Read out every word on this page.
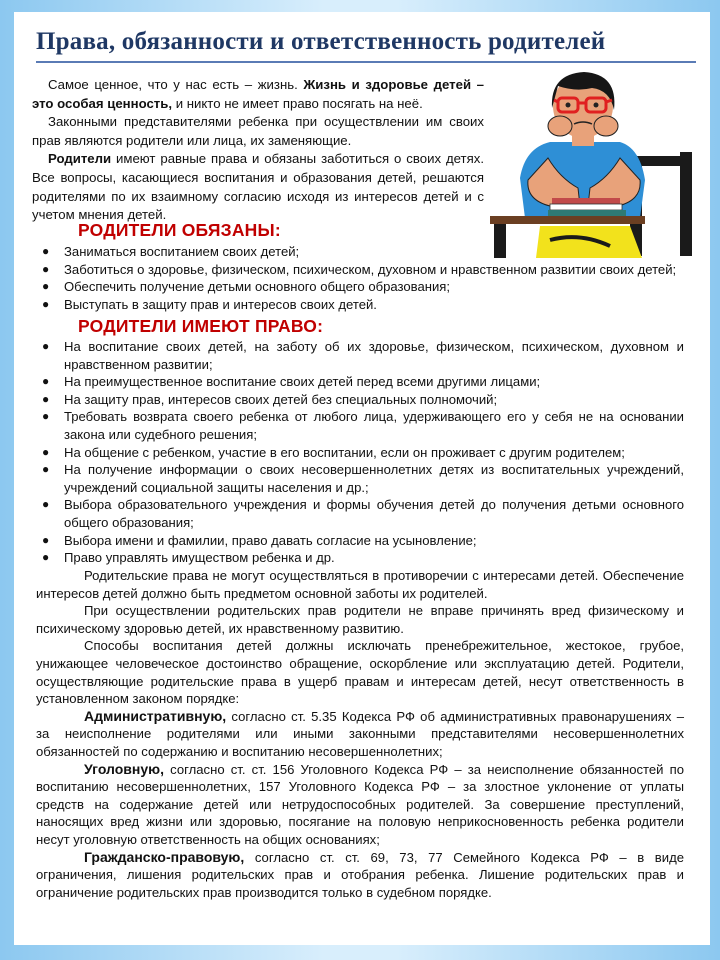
Права, обязанности и ответственность родителей

Самое ценное, что у нас есть – жизнь. Жизнь и здоровье детей – это особая ценность, и никто не имеет право посягать на неё.

Законными представителями ребенка при осуществлении им своих прав являются родители или лица, их заменяющие.

Родители имеют равные права и обязаны заботиться о своих детях. Все вопросы, касающиеся воспитания и образования детей, решаются родителями по их взаимному согласию исходя из интересов детей и с учетом мнения детей.

РОДИТЕЛИ ОБЯЗАНЫ:
● Заниматься воспитанием своих детей;
● Заботиться о здоровье, физическом, психическом, духовном и нравственном развитии своих детей;
● Обеспечить получение детьми основного общего образования;
● Выступать в защиту прав и интересов своих детей.
РОДИТЕЛИ ИМЕЮТ ПРАВО:
● На воспитание своих детей, на заботу об их здоровье, физическом, психическом, духовном и нравственном развитии;
● На преимущественное воспитание своих детей перед всеми другими лицами;
● На защиту прав, интересов своих детей без специальных полномочий;
● Требовать возврата своего ребенка от любого лица, удерживающего его у себя не на основании закона или судебного решения;
● На общение с ребенком, участие в его воспитании, если он проживает с другим родителем;
● На получение информации о своих несовершеннолетних детях из воспитательных учреждений, учреждений социальной защиты населения и др.;
● Выбора образовательного учреждения и формы обучения детей до получения детьми основного общего образования;
● Выбора имени и фамилии, право давать согласие на усыновление;
● Право управлять имуществом ребенка и др.

Родительские права не могут осуществляться в противоречии с интересами детей. Обеспечение интересов детей должно быть предметом основной заботы их родителей.

При осуществлении родительских прав родители не вправе причинять вред физическому и психическому здоровью детей, их нравственному развитию.

Способы воспитания детей должны исключать пренебрежительное, жестокое, грубое, унижающее человеческое достоинство обращение, оскорбление или эксплуатацию детей. Родители, осуществляющие родительские права в ущерб правам и интересам детей, несут ответственность в установленном законом порядке:

Административную, согласно ст. 5.35 Кодекса РФ об административных правонарушениях – за неисполнение родителями или иными законными представителями несовершеннолетних обязанностей по содержанию и воспитанию несовершеннолетних;

Уголовную, согласно ст. ст. 156 Уголовного Кодекса РФ – за неисполнение обязанностей по воспитанию несовершеннолетних, 157 Уголовного Кодекса РФ – за злостное уклонение от уплаты средств на содержание детей или нетрудоспособных родителей. За совершение преступлений, наносящих вред жизни или здоровью, посягание на половую неприкосновенность ребенка родители несут уголовную ответственность на общих основаниях;

Гражданско-правовую, согласно ст. ст. 69, 73, 77 Семейного Кодекса РФ – в виде ограничения, лишения родительских прав и отобрания ребенка. Лишение родительских прав и ограничение родительских прав производится только в судебном порядке.
